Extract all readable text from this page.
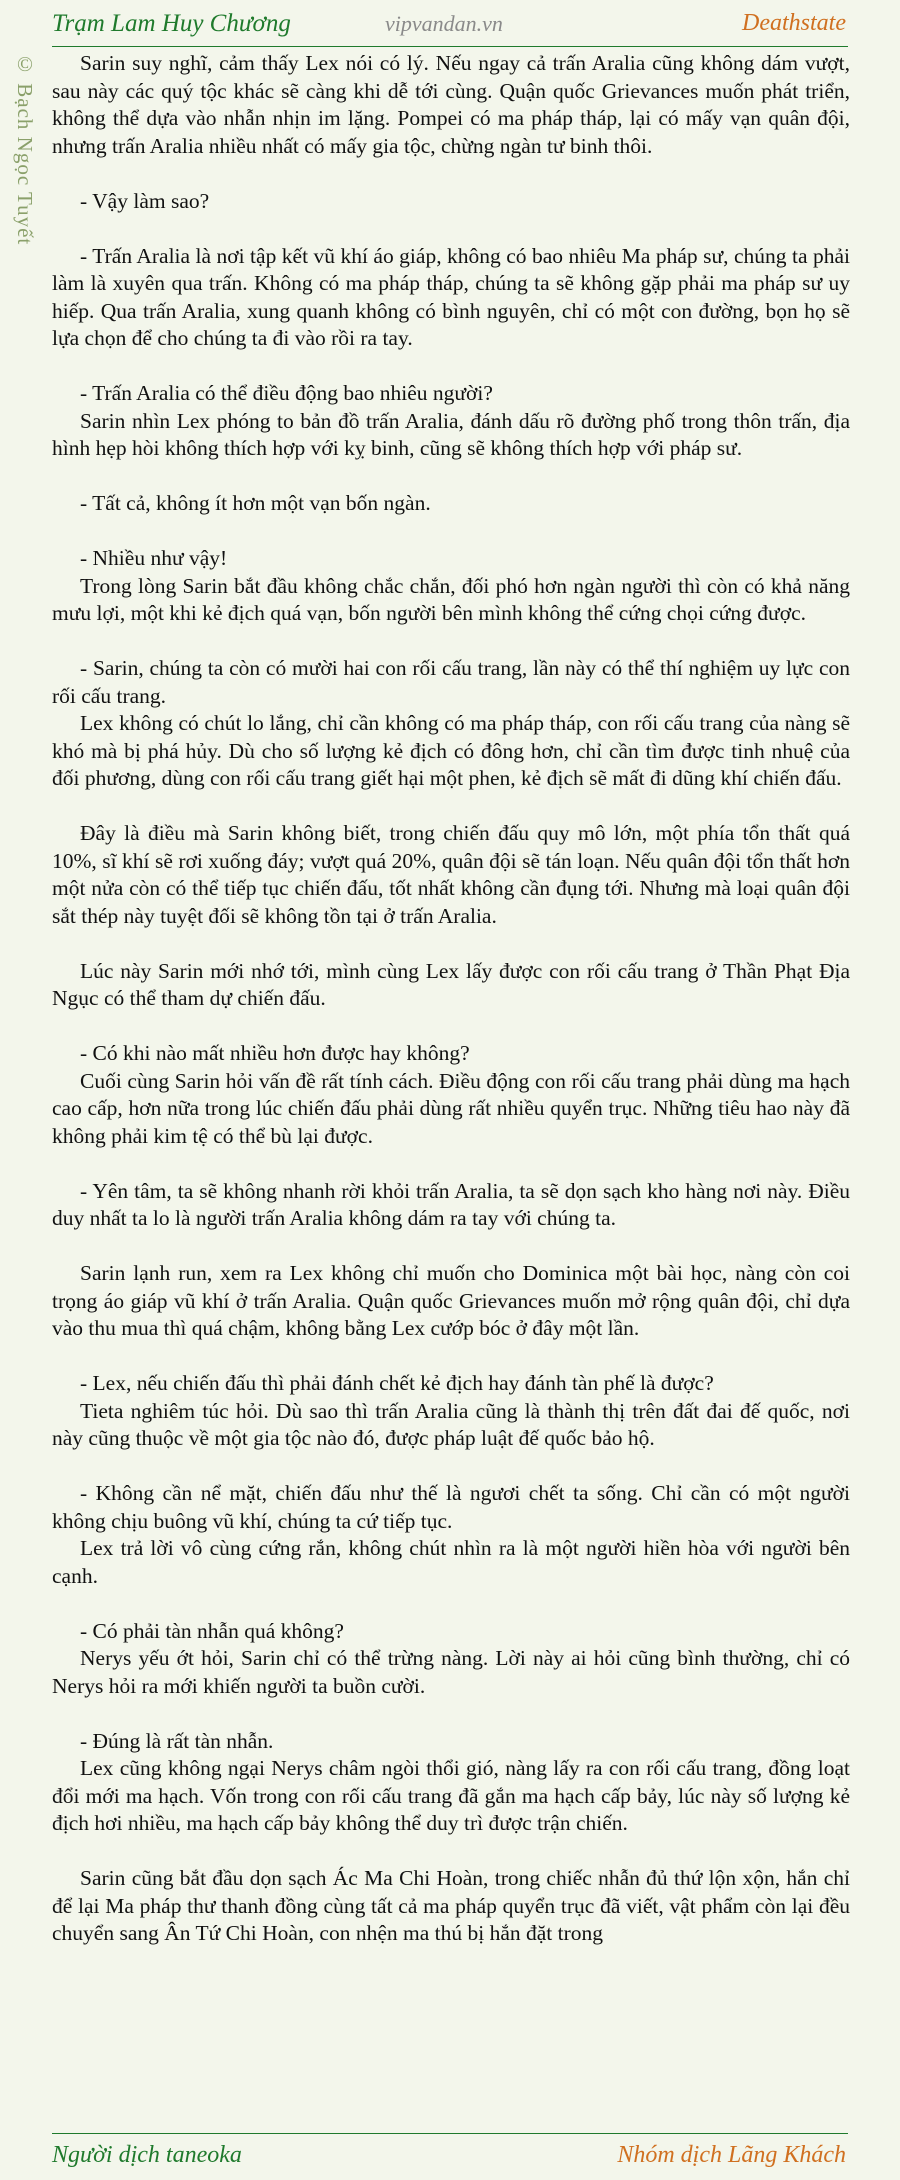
Trạm Lam Huy Chương	vipvandan.vn	Deathstate
© Bạch Ngọc Tuyết	Sarin suy nghĩ, cảm thấy Lex nói có lý. Nếu ngay cả trấn Aralia cũng không dám vượt, sau này các quý tộc khác sẽ càng khi dễ tới cùng. Quận quốc Grievances muốn phát triển, không thể dựa vào nhẫn nhịn im lặng. Pompei có ma pháp tháp, lại có mấy vạn quân đội, nhưng trấn Aralia nhiều nhất có mấy gia tộc, chừng ngàn tư binh thôi.

- Vậy làm sao?

- Trấn Aralia là nơi tập kết vũ khí áo giáp, không có bao nhiêu Ma pháp sư, chúng ta phải làm là xuyên qua trấn. Không có ma pháp tháp, chúng ta sẽ không gặp phải ma pháp sư uy hiếp. Qua trấn Aralia, xung quanh không có bình nguyên, chỉ có một con đường, bọn họ sẽ lựa chọn để cho chúng ta đi vào rồi ra tay.

- Trấn Aralia có thể điều động bao nhiêu người?

Sarin nhìn Lex phóng to bản đồ trấn Aralia, đánh dấu rõ đường phố trong thôn trấn, địa hình hẹp hòi không thích hợp với kỵ binh, cũng sẽ không thích hợp với pháp sư.

- Tất cả, không ít hơn một vạn bốn ngàn.

- Nhiều như vậy!

Trong lòng Sarin bắt đầu không chắc chắn, đối phó hơn ngàn người thì còn có khả năng mưu lợi, một khi kẻ địch quá vạn, bốn người bên mình không thể cứng chọi cứng được.

- Sarin, chúng ta còn có mười hai con rối cấu trang, lần này có thể thí nghiệm uy lực con rối cấu trang.

Lex không có chút lo lắng, chỉ cần không có ma pháp tháp, con rối cấu trang của nàng sẽ khó mà bị phá hủy. Dù cho số lượng kẻ địch có đông hơn, chỉ cần tìm được tinh nhuệ của đối phương, dùng con rối cấu trang giết hại một phen, kẻ địch sẽ mất đi dũng khí chiến đấu.

Đây là điều mà Sarin không biết, trong chiến đấu quy mô lớn, một phía tổn thất quá 10%, sĩ khí sẽ rơi xuống đáy; vượt quá 20%, quân đội sẽ tán loạn. Nếu quân đội tổn thất hơn một nửa còn có thể tiếp tục chiến đấu, tốt nhất không cần đụng tới. Nhưng mà loại quân đội sắt thép này tuyệt đối sẽ không tồn tại ở trấn Aralia.

Lúc này Sarin mới nhớ tới, mình cùng Lex lấy được con rối cấu trang ở Thần Phạt Địa Ngục có thể tham dự chiến đấu.

- Có khi nào mất nhiều hơn được hay không?

Cuối cùng Sarin hỏi vấn đề rất tính cách. Điều động con rối cấu trang phải dùng ma hạch cao cấp, hơn nữa trong lúc chiến đấu phải dùng rất nhiều quyển trục. Những tiêu hao này đã không phải kim tệ có thể bù lại được.

- Yên tâm, ta sẽ không nhanh rời khỏi trấn Aralia, ta sẽ dọn sạch kho hàng nơi này. Điều duy nhất ta lo là người trấn Aralia không dám ra tay với chúng ta.

Sarin lạnh run, xem ra Lex không chỉ muốn cho Dominica một bài học, nàng còn coi trọng áo giáp vũ khí ở trấn Aralia. Quận quốc Grievances muốn mở rộng quân đội, chỉ dựa vào thu mua thì quá chậm, không bằng Lex cướp bóc ở đây một lần.

- Lex, nếu chiến đấu thì phải đánh chết kẻ địch hay đánh tàn phế là được?

Tieta nghiêm túc hỏi. Dù sao thì trấn Aralia cũng là thành thị trên đất đai đế quốc, nơi này cũng thuộc về một gia tộc nào đó, được pháp luật đế quốc bảo hộ.

- Không cần nể mặt, chiến đấu như thế là ngươi chết ta sống. Chỉ cần có một người không chịu buông vũ khí, chúng ta cứ tiếp tục.

Lex trả lời vô cùng cứng rắn, không chút nhìn ra là một người hiền hòa với người bên cạnh.

- Có phải tàn nhẫn quá không?

Nerys yếu ớt hỏi, Sarin chỉ có thể trừng nàng. Lời này ai hỏi cũng bình thường, chỉ có Nerys hỏi ra mới khiến người ta buồn cười.

- Đúng là rất tàn nhẫn.

Lex cũng không ngại Nerys châm ngòi thổi gió, nàng lấy ra con rối cấu trang, đồng loạt đổi mới ma hạch. Vốn trong con rối cấu trang đã gắn ma hạch cấp bảy, lúc này số lượng kẻ địch hơi nhiều, ma hạch cấp bảy không thể duy trì được trận chiến.

Sarin cũng bắt đầu dọn sạch Ác Ma Chi Hoàn, trong chiếc nhẫn đủ thứ lộn xộn, hắn chỉ để lại Ma pháp thư thanh đồng cùng tất cả ma pháp quyển trục đã viết, vật phẩm còn lại đều chuyển sang Ân Tứ Chi Hoàn, con nhện ma thú bị hắn đặt trong

Người dịch taneoka	Nhóm dịch Lãng Khách
